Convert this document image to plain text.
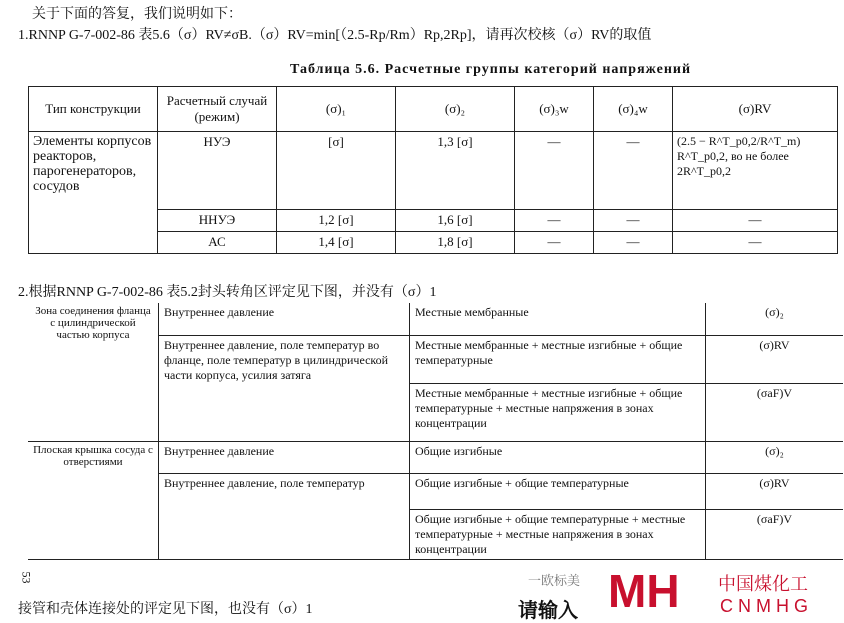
关于下面的答复，我们说明如下：
1.RNNP G-7-002-86 表5.6（σ）RV≠σB.（σ）RV=min[（2.5-Rp/Rm）Rp,2Rp]，请再次校核（σ）RV的取值
Таблица 5.6. Расчетные группы категорий напряжений
Тип конструкции	Расчетный случай (режим)	(σ)₁	(σ)₂	(σ)₃w	(σ)₄w	(σ)RV
Элементы корпусов реакторов, парогенераторов, сосудов	НУЭ	[σ]	1,3 [σ]	—	—	(2.5 − R^T_p0,2/R^T_m) R^T_p0,2, во не более 2R^T_p0,2
	ННУЭ	1,2 [σ]	1,6 [σ]	—	—	—
	АС	1,4 [σ]	1,8 [σ]	—	—	—
2.根据RNNP G-7-002-86 表5.2封头转角区评定见下图，并没有（σ）1
Зона соединения фланца с цилиндрической частью корпуса	Внутреннее давление	Местные мембранные	(σ)₂
	Внутреннее давление, поле температур во фланце, поле температур в цилиндрической части корпуса, усилия затяга	Местные мембранные + местные изгибные + общие температурные	(σ)RV
		Местные мембранные + местные изгибные + общие температурные + местные напряжения в зонах концентрации	(σaF)V
Плоская крышка сосуда с отверстиями	Внутреннее давление	Общие изгибные	(σ)₂
	Внутреннее давление, поле температур	Общие изгибные + общие температурные	(σ)RV
		Общие изгибные + общие температурные + местные температурные + местные напряжения в зонах концентрации	(σaF)V
53
接管和壳体连接处的评定见下图，也没有（σ）1
一欧标美
请输入 MH 中国煤化工
CNMHG
